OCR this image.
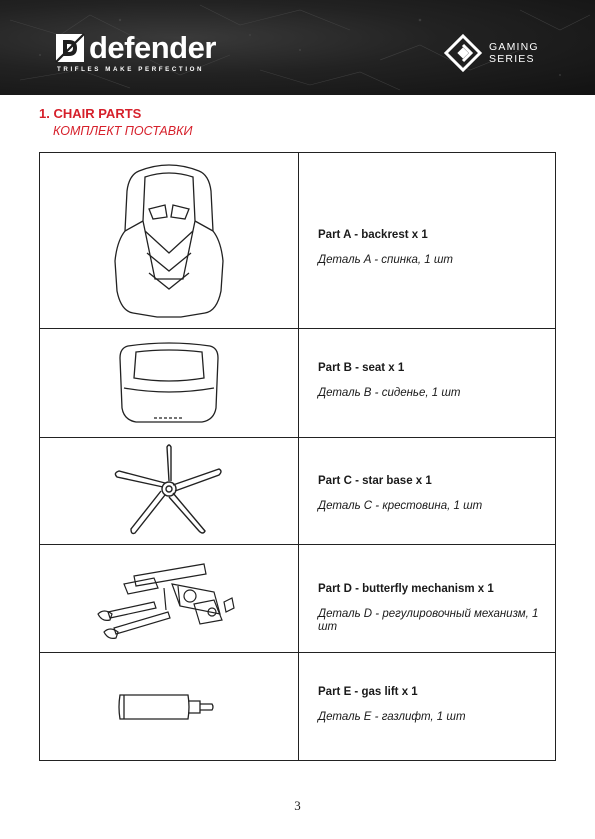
defender
TRIFLES MAKE PERFECTION
GAMING
SERIES
1. CHAIR PARTS
КОМПЛЕКТ ПОСТАВКИ
Part A - backrest x 1
Деталь A - спинка, 1 шт
Part B - seat x 1
Деталь B - сиденье, 1 шт
Part C - star base x 1
Деталь C - крестовина, 1 шт
Part D - butterfly mechanism x 1
Деталь D - регулировочный механизм, 1 шт
Part E - gas lift x 1
Деталь E - газлифт, 1 шт
3
